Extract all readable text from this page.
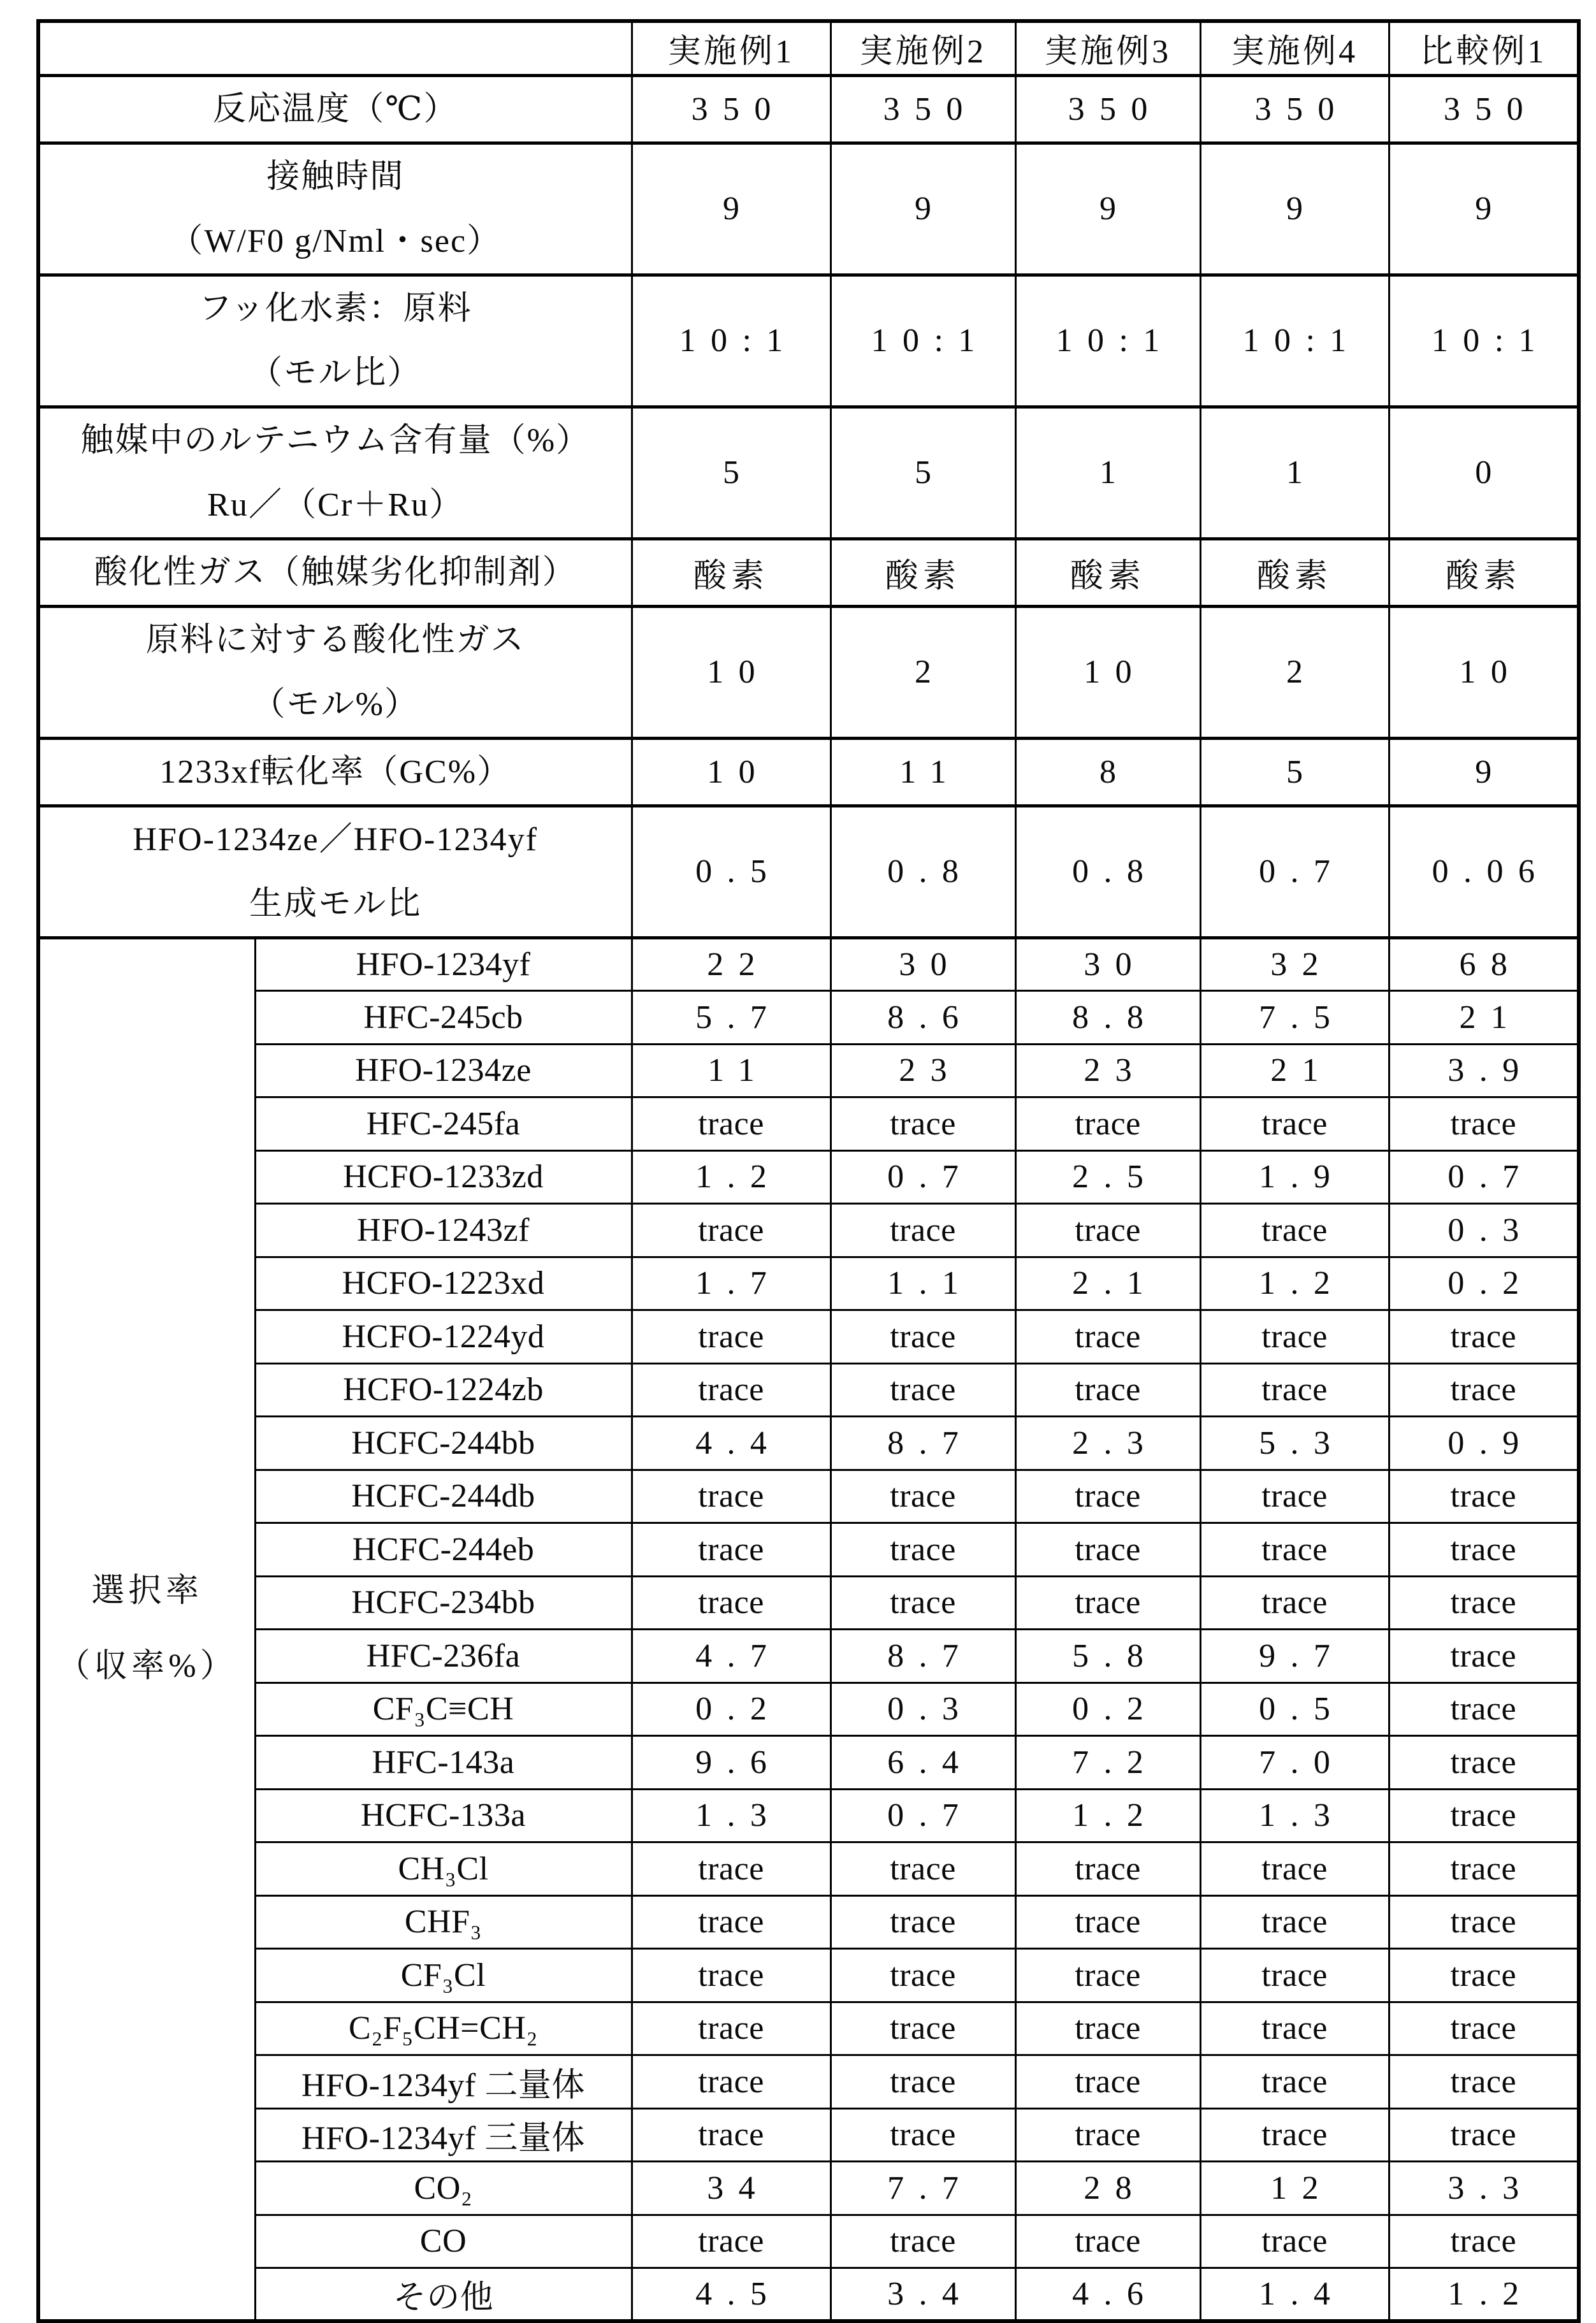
		実施例1	実施例2	実施例3	実施例4	比較例1

反応温度（℃）		350	350	350	350	350

接触時間
（W/F0 g/Nml・sec）		9	9	9	9	9

フッ化水素：原料
（モル比）		10:1	10:1	10:1	10:1	10:1

触媒中のルテニウム含有量（%）
Ru／（Cr＋Ru）		5	5	1	1	0

酸化性ガス（触媒劣化抑制剤）		酸素	酸素	酸素	酸素	酸素

原料に対する酸化性ガス
（モル%）		10	2	10	2	10

1233xf転化率（GC%）		10	11	8	5	9

HFO-1234ze／HFO-1234yf
生成モル比		0.5	0.8	0.8	0.7	0.06

選択率
（収率%）	HFO-1234yf	22	30	30	32	68
	HFC-245cb	5.7	8.6	8.8	7.5	21
	HFO-1234ze	11	23	23	21	3.9
	HFC-245fa	trace	trace	trace	trace	trace
	HCFO-1233zd	1.2	0.7	2.5	1.9	0.7
	HFO-1243zf	trace	trace	trace	trace	0.3
	HCFO-1223xd	1.7	1.1	2.1	1.2	0.2
	HCFO-1224yd	trace	trace	trace	trace	trace
	HCFO-1224zb	trace	trace	trace	trace	trace
	HCFC-244bb	4.4	8.7	2.3	5.3	0.9
	HCFC-244db	trace	trace	trace	trace	trace
	HCFC-244eb	trace	trace	trace	trace	trace
	HCFC-234bb	trace	trace	trace	trace	trace
	HFC-236fa	4.7	8.7	5.8	9.7	trace
	CF₃C≡CH	0.2	0.3	0.2	0.5	trace
	HFC-143a	9.6	6.4	7.2	7.0	trace
	HCFC-133a	1.3	0.7	1.2	1.3	trace
	CH₃Cl	trace	trace	trace	trace	trace
	CHF₃	trace	trace	trace	trace	trace
	CF₃Cl	trace	trace	trace	trace	trace
	C₂F₅CH=CH₂	trace	trace	trace	trace	trace
	HFO-1234yf 二量体	trace	trace	trace	trace	trace
	HFO-1234yf 三量体	trace	trace	trace	trace	trace
	CO₂	34	7.7	28	12	3.3
	CO	trace	trace	trace	trace	trace
	その他	4.5	3.4	4.6	1.4	1.2
